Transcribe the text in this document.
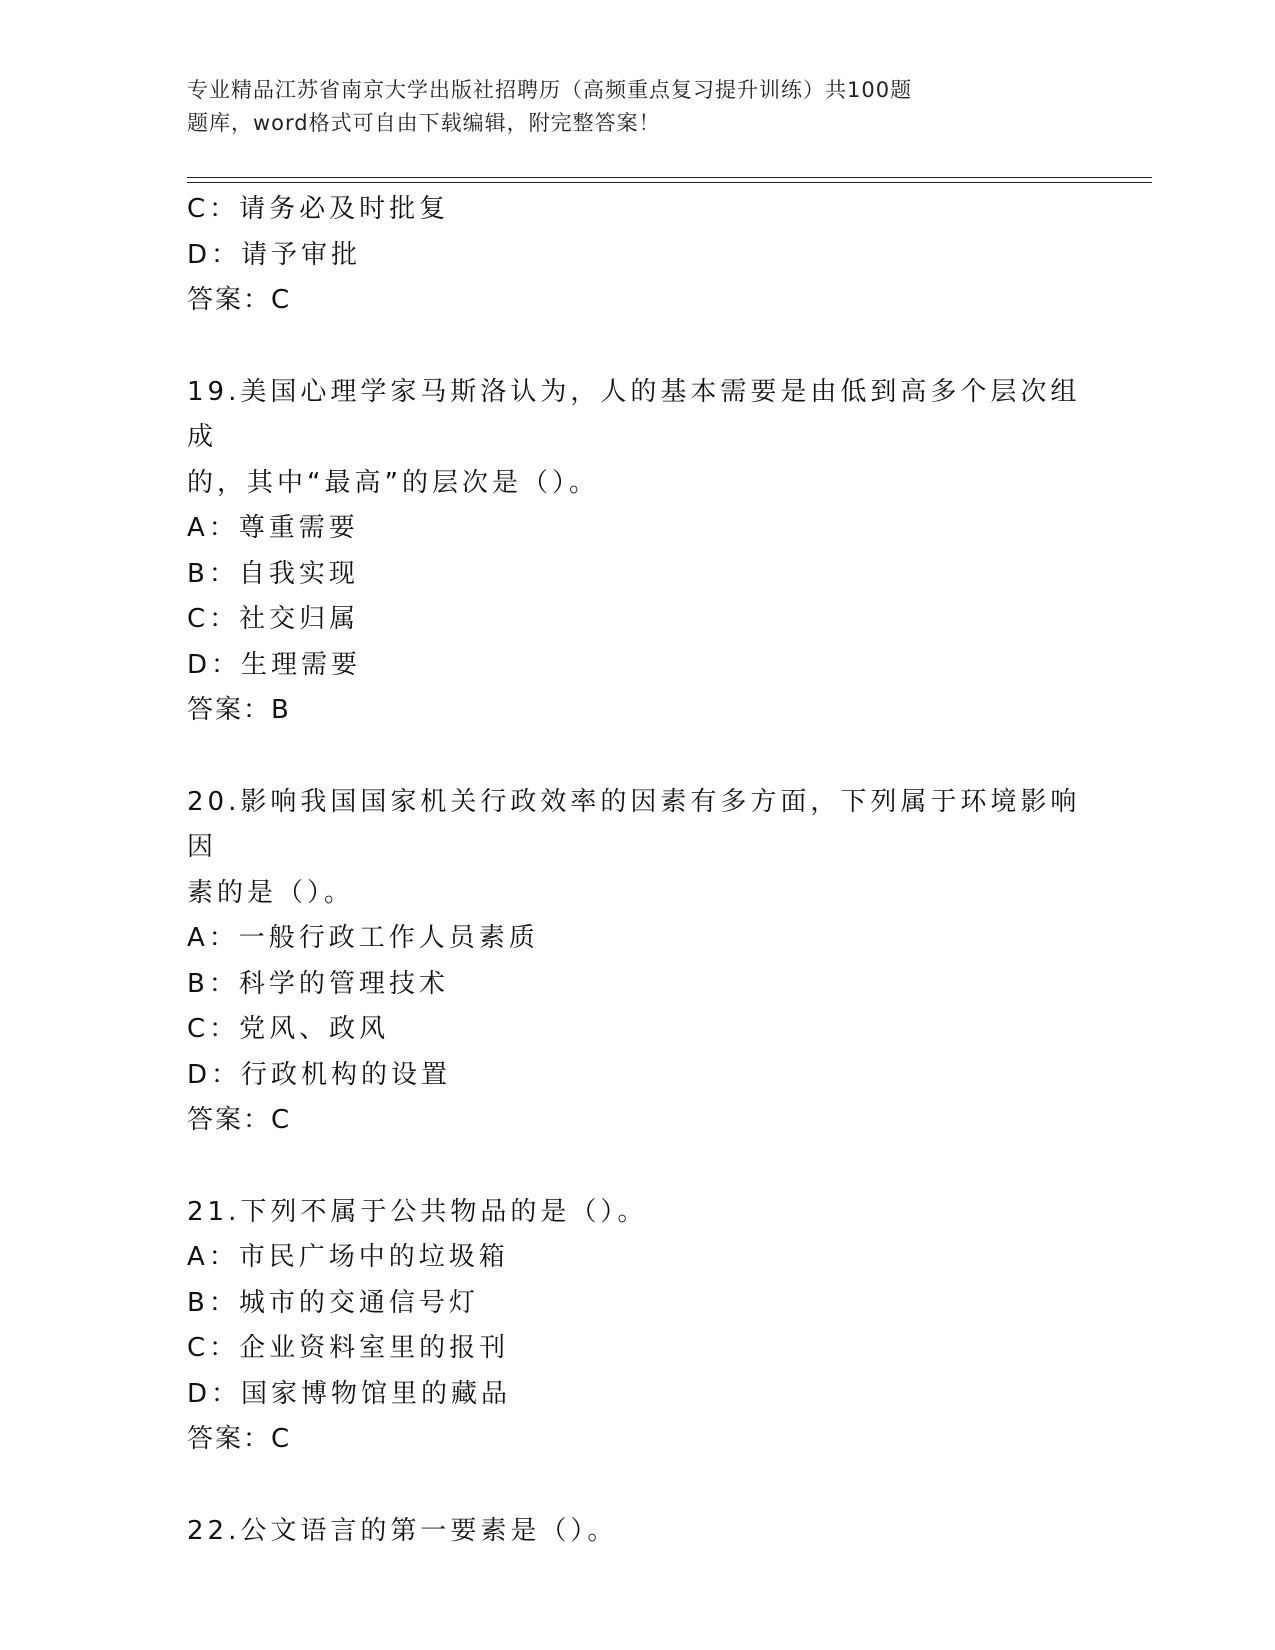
专业精品江苏省南京大学出版社招聘历（高频重点复习提升训练）共100题
题库，word格式可自由下载编辑，附完整答案！
C：请务必及时批复
D：请予审批
答案：C
19.美国心理学家马斯洛认为，人的基本需要是由低到高多个层次组成
的，其中“最高”的层次是（）。
A：尊重需要
B：自我实现
C：社交归属
D：生理需要
答案：B
20.影响我国国家机关行政效率的因素有多方面，下列属于环境影响因
素的是（）。
A：一般行政工作人员素质
B：科学的管理技术
C：党风、政风
D：行政机构的设置
答案：C
21.下列不属于公共物品的是（）。
A：市民广场中的垃圾箱
B：城市的交通信号灯
C：企业资料室里的报刊
D：国家博物馆里的藏品
答案：C
22.公文语言的第一要素是（）。
